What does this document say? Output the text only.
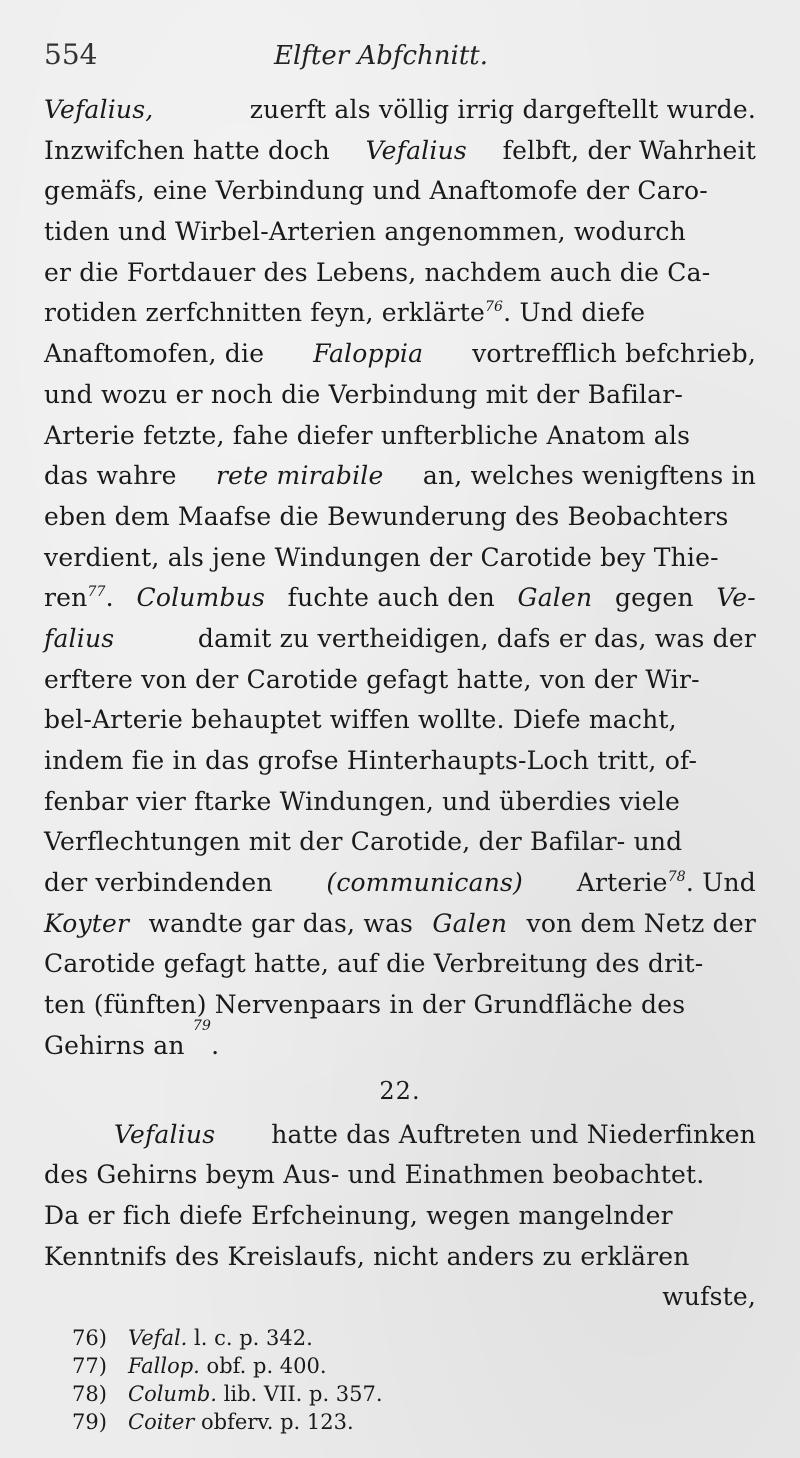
554	Elfter Abfchnitt.
Vefalius,	zuerft als völlig irrig dargeftellt wurde.
Inzwifchen hatte doch Vefalius felbft, der Wahrheit
gemäfs, eine Verbindung und Anaftomofe der Caro-
tiden und Wirbel-Arterien angenommen, wodurch
er die Fortdauer des Lebens, nachdem auch die Ca-
rotiden zerfchnitten feyn, erklärte$^{76}$. Und diefe
Anaftomofen, die Faloppia vortrefflich befchrieb,
und wozu er noch die Verbindung mit der Bafilar-
Arterie fetzte, fahe diefer unfterbliche Anatom als
das wahre rete mirabile an, welches wenigftens in
eben dem Maafse die Bewunderung des Beobachters
verdient, als jene Windungen der Carotide bey Thie-
ren$^{77}$. Columbus fuchte auch den Galen gegen Ve-
falius	damit zu vertheidigen, dafs er das, was der
erftere von der Carotide gefagt hatte, von der Wir-
bel-Arterie behauptet wiffen wollte. Diefe macht,
indem fie in das grofse Hinterhaupts-Loch tritt, of-
fenbar vier ftarke Windungen, und überdies viele
Verflechtungen mit der Carotide, der Bafilar- und
der verbindenden (communicans) Arterie$^{78}$. Und
Koyter wandte gar das, was Galen von dem Netz der
Carotide gefagt hatte, auf die Verbreitung des drit-
ten (fünften) Nervenpaars in der Grundfläche des
Gehirns an

79
.
22.
Vefalius hatte das Auftreten und Niederfinken
des Gehirns beym Aus- und Einathmen beobachtet.
Da er fich diefe Erfcheinung, wegen mangelnder
Kenntnifs des Kreislaufs, nicht anders zu erklären
wufste,
76) Vefal. l. c. p. 342.
77) Fallop. obf. p. 400.
78) Columb. lib. VII. p. 357.
79) Coiter obferv. p. 123.
